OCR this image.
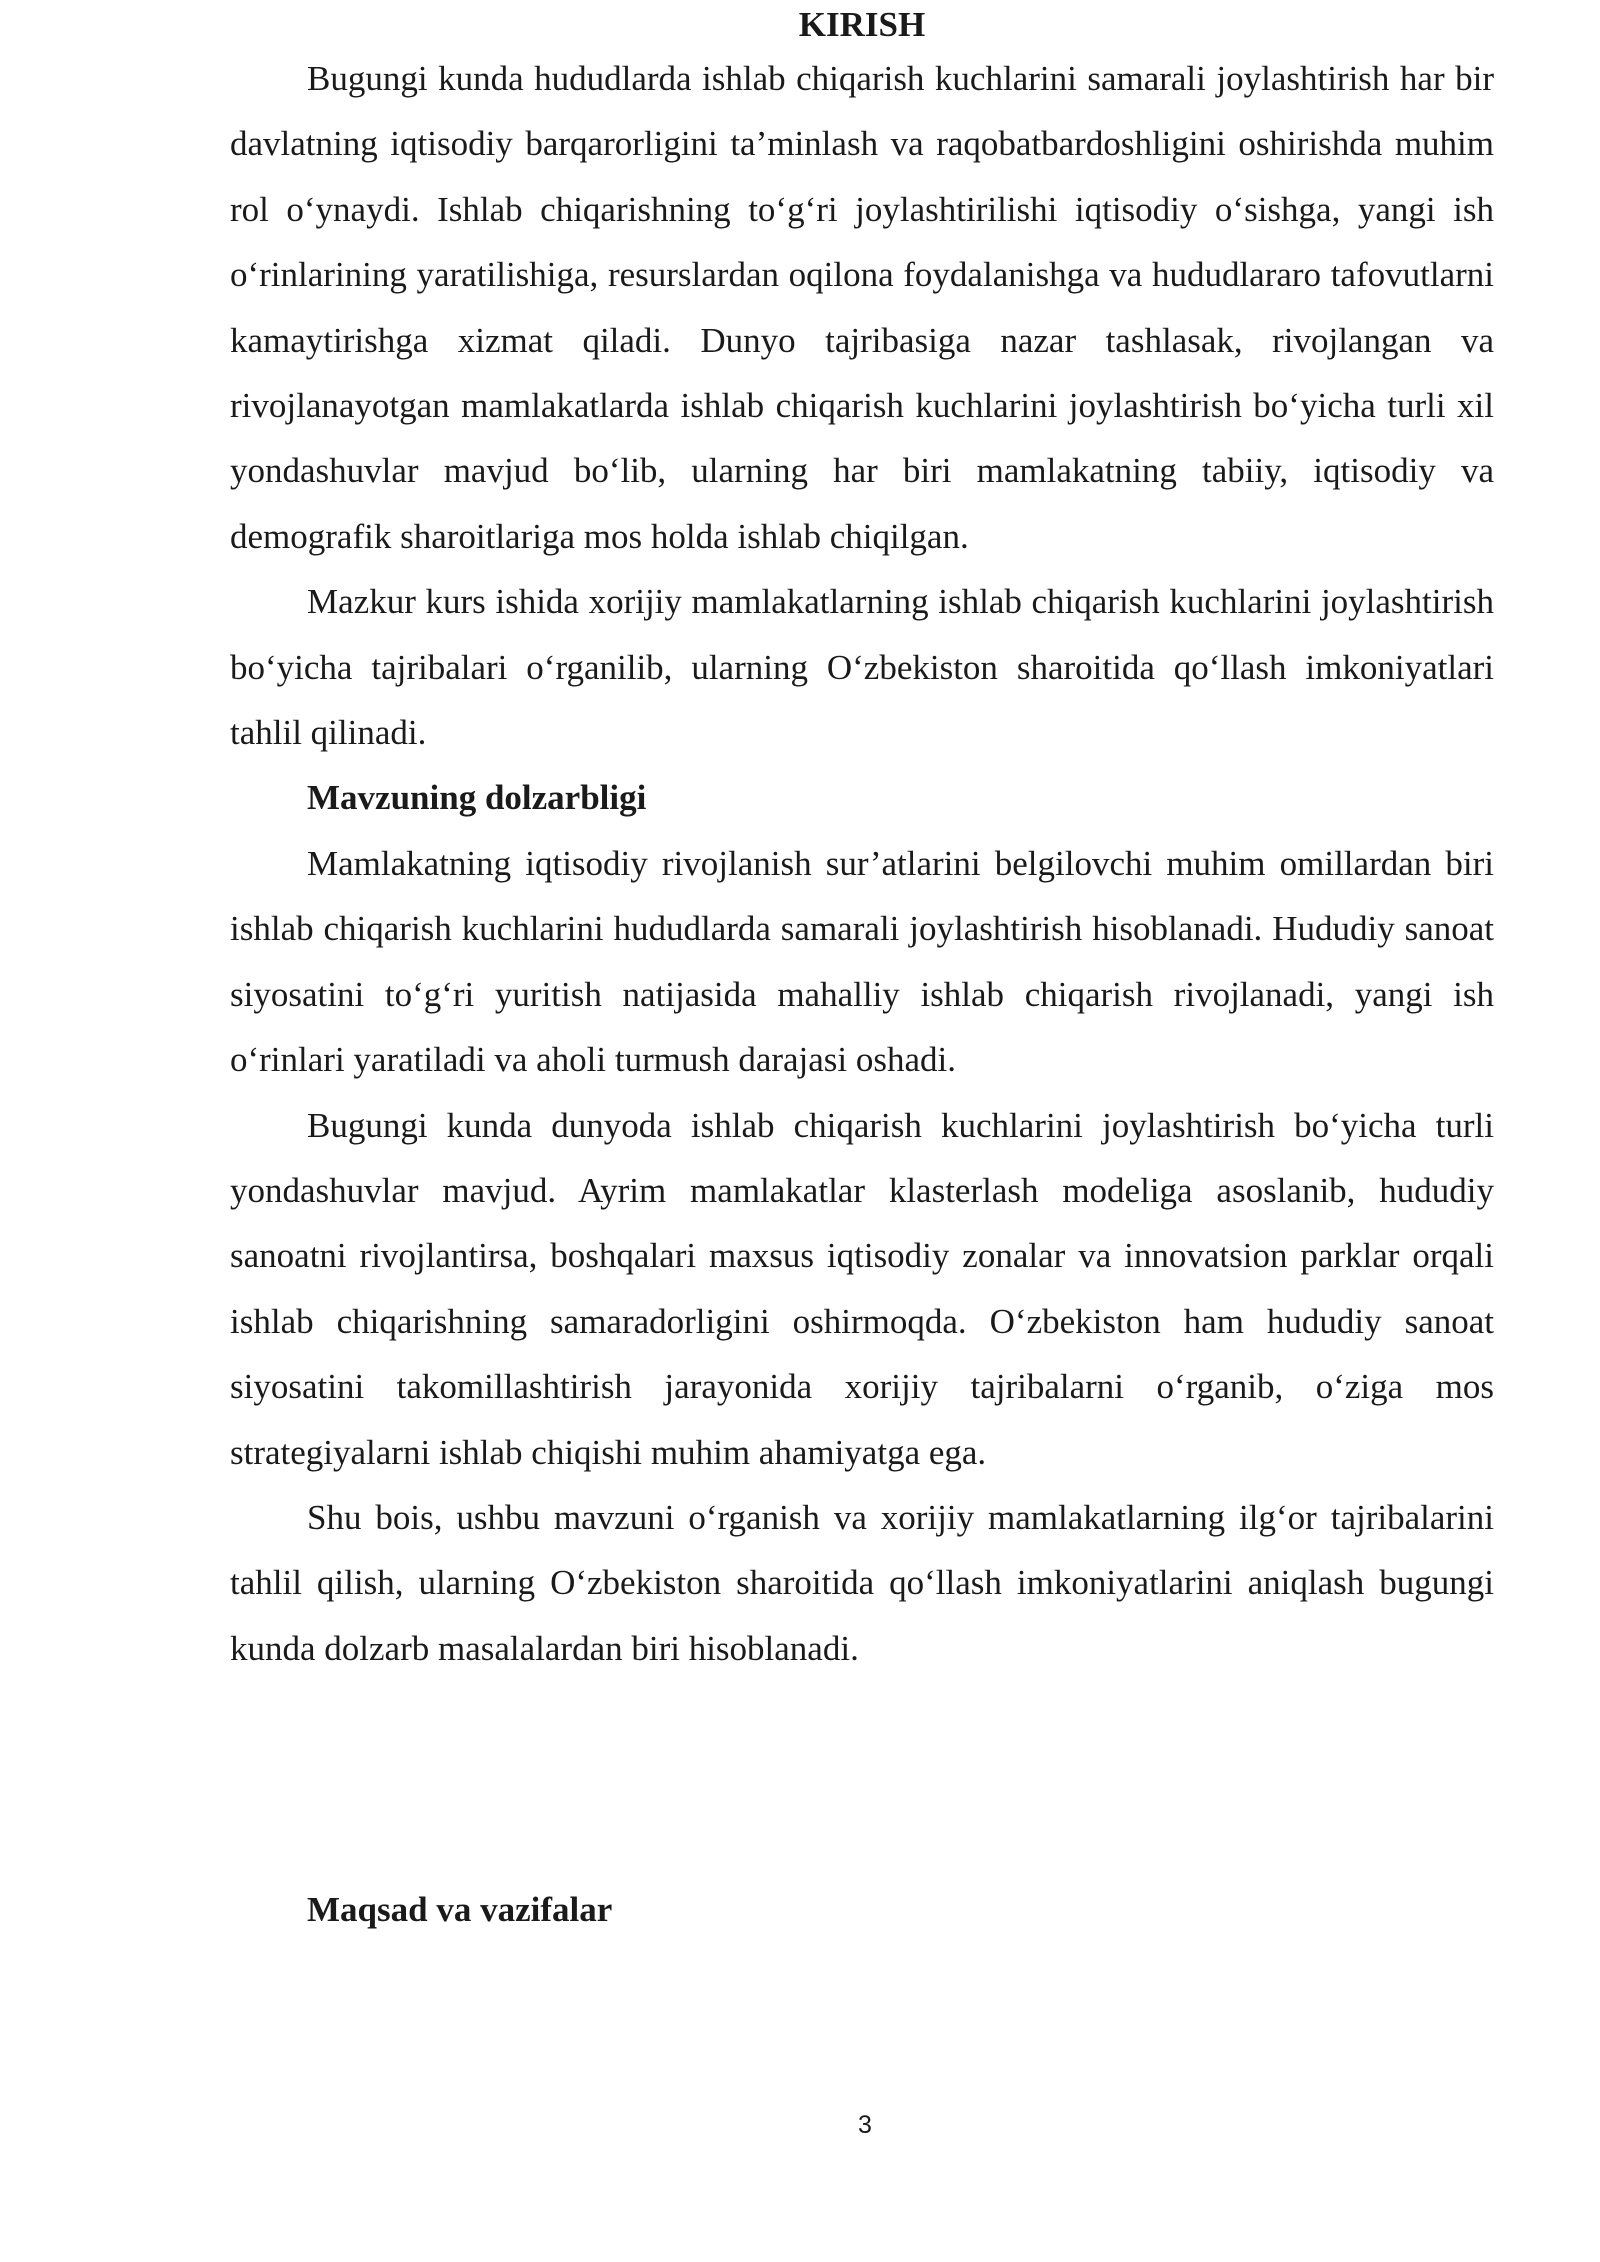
KIRISH

Bugungi kunda hududlarda ishlab chiqarish kuchlarini samarali joylashtirish har bir davlatning iqtisodiy barqarorligini ta’minlash va raqobatbardoshligini oshirishda muhim rol o‘ynaydi. Ishlab chiqarishning to‘g‘ri joylashtirilishi iqtisodiy o‘sishga, yangi ish o‘rinlarining yaratilishiga, resurslardan oqilona foydalanishga va hududlararo tafovutlarni kamaytirishga xizmat qiladi. Dunyo tajribasiga nazar tashlasak, rivojlangan va rivojlanayotgan mamlakatlarda ishlab chiqarish kuchlarini joylashtirish bo‘yicha turli xil yondashuvlar mavjud bo‘lib, ularning har biri mamlakatning tabiiy, iqtisodiy va demografik sharoitlariga mos holda ishlab chiqilgan.

Mazkur kurs ishida xorijiy mamlakatlarning ishlab chiqarish kuchlarini joylashtirish bo‘yicha tajribalari o‘rganilib, ularning O‘zbekiston sharoitida qo‘llash imkoniyatlari tahlil qilinadi.

Mavzuning dolzarbligi

Mamlakatning iqtisodiy rivojlanish sur’atlarini belgilovchi muhim omillardan biri ishlab chiqarish kuchlarini hududlarda samarali joylashtirish hisoblanadi. Hududiy sanoat siyosatini to‘g‘ri yuritish natijasida mahalliy ishlab chiqarish rivojlanadi, yangi ish o‘rinlari yaratiladi va aholi turmush darajasi oshadi.

Bugungi kunda dunyoda ishlab chiqarish kuchlarini joylashtirish bo‘yicha turli yondashuvlar mavjud. Ayrim mamlakatlar klasterlash modeliga asoslanib, hududiy sanoatni rivojlantirsa, boshqalari maxsus iqtisodiy zonalar va innovatsion parklar orqali ishlab chiqarishning samaradorligini oshirmoqda. O‘zbekiston ham hududiy sanoat siyosatini takomillashtirish jarayonida xorijiy tajribalarni o‘rganib, o‘ziga mos strategiyalarni ishlab chiqishi muhim ahamiyatga ega.

Shu bois, ushbu mavzuni o‘rganish va xorijiy mamlakatlarning ilg‘or tajribalarini tahlil qilish, ularning O‘zbekiston sharoitida qo‘llash imkoniyatlarini aniqlash bugungi kunda dolzarb masalalardan biri hisoblanadi.

Maqsad va vazifalar

3
